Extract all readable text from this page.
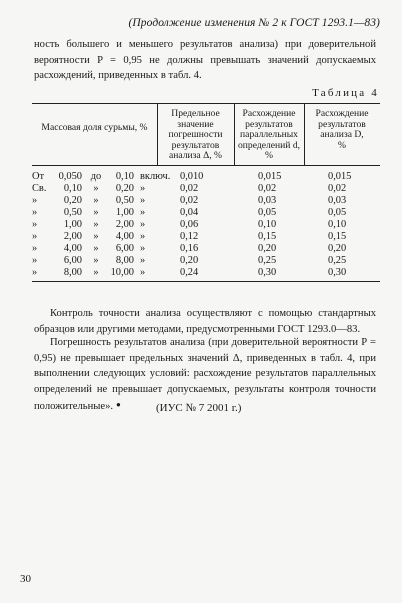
(Продолжение изменения № 2 к ГОСТ 1293.1—83)

ность большего и меньшего результатов анализа) при доверительной вероятности P = 0,95 не должны превышать значений допускаемых расхождений, приведенных в табл. 4.

Таблица 4
Массовая доля сурьмы, %
Предельное
значение
погрешности
результатов
анализа Δ, %
Расхождение
результатов
параллельных
определений d,
%
Расхождение
результатов
анализа D,
%
От	0,050 до	0,10 включ. 0,010	0,015	0,015
Св.	0,10	»	0,20 »	0,02	0,02	0,02
»	0,20	»	0,50 »	0,02	0,03	0,03
»	0,50	»	1,00 »	0,04	0,05	0,05
»	1,00	»	2,00 »	0,06	0,10	0,10
»	2,00	»	4,00 »	0,12	0,15	0,15
»	4,00	»	6,00 »	0,16	0,20	0,20
»	6,00	»	8,00 »	0,20	0,25	0,25
»	8,00	»	10,00 »	0,24	0,30	0,30

Контроль точности анализа осуществляют с помощью стандартных образцов или другими методами, предусмотренными ГОСТ 1293.0—83.

Погрешность результатов анализа (при доверительной вероятности P = 0,95) не превышает предельных значений Δ, приведенных в табл. 4, при выполнении следующих условий: расхождение результатов параллельных определений не превышает допускаемых, результаты контроля точности положительные». ●	(ИУС № 7 2001 г.)
30
